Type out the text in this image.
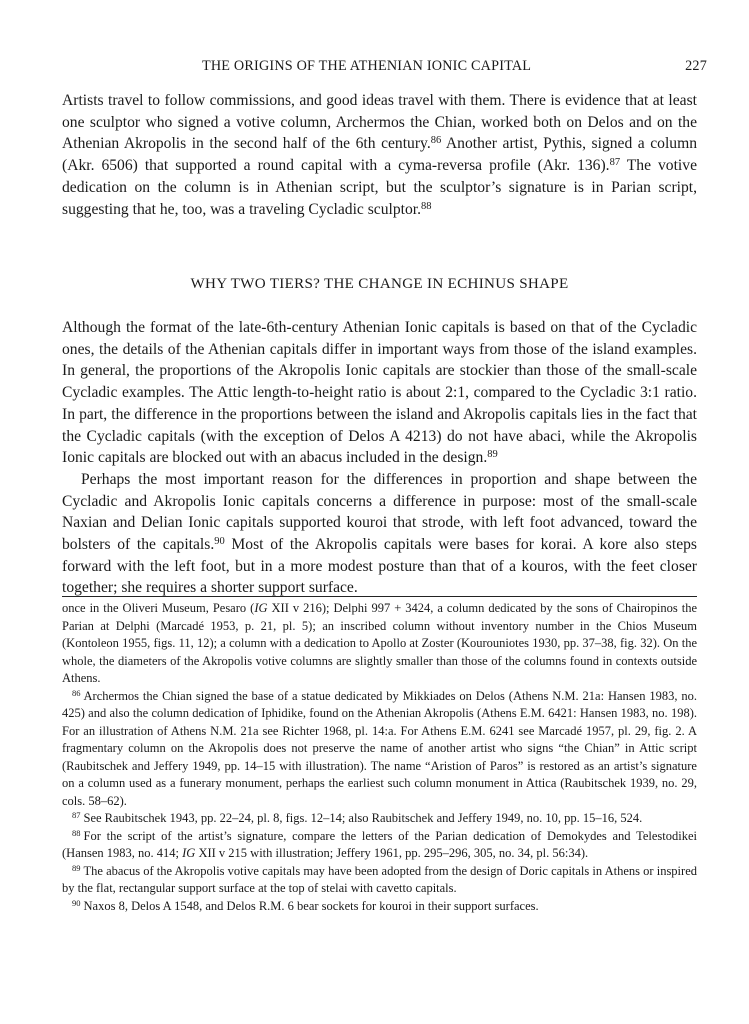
THE ORIGINS OF THE ATHENIAN IONIC CAPITAL	227

Artists travel to follow commissions, and good ideas travel with them. There is evidence that at least one sculptor who signed a votive column, Archermos the Chian, worked both on Delos and on the Athenian Akropolis in the second half of the 6th century.$^{86}$ Another artist, Pythis, signed a column (Akr. 6506) that supported a round capital with a cyma-reversa profile (Akr. 136).$^{87}$ The votive dedication on the column is in Athenian script, but the sculptor’s signature is in Parian script, suggesting that he, too, was a traveling Cycladic sculptor.$^{88}$

WHY TWO TIERS? THE CHANGE IN ECHINUS SHAPE

Although the format of the late-6th-century Athenian Ionic capitals is based on that of the Cycladic ones, the details of the Athenian capitals differ in important ways from those of the island examples. In general, the proportions of the Akropolis Ionic capitals are stockier than those of the small-scale Cycladic examples. The Attic length-to-height ratio is about 2:1, compared to the Cycladic 3:1 ratio. In part, the difference in the proportions between the island and Akropolis capitals lies in the fact that the Cycladic capitals (with the exception of Delos A 4213) do not have abaci, while the Akropolis Ionic capitals are blocked out with an abacus included in the design.$^{89}$

Perhaps the most important reason for the differences in proportion and shape between the Cycladic and Akropolis Ionic capitals concerns a difference in purpose: most of the small-scale Naxian and Delian Ionic capitals supported kouroi that strode, with left foot advanced, toward the bolsters of the capitals.$^{90}$ Most of the Akropolis capitals were bases for korai. A kore also steps forward with the left foot, but in a more modest posture than that of a kouros, with the feet closer together; she requires a shorter support surface.

once in the Oliveri Museum, Pesaro (IG XII v 216); Delphi 997 + 3424, a column dedicated by the sons of Chairopinos the Parian at Delphi (Marcadé 1953, p. 21, pl. 5); an inscribed column without inventory number in the Chios Museum (Kontoleon 1955, figs. 11, 12); a column with a dedication to Apollo at Zoster (Kourouniotes 1930, pp. 37–38, fig. 32). On the whole, the diameters of the Akropolis votive columns are slightly smaller than those of the columns found in contexts outside Athens.

$^{86}$ Archermos the Chian signed the base of a statue dedicated by Mikkiades on Delos (Athens N.M. 21a: Hansen 1983, no. 425) and also the column dedication of Iphidike, found on the Athenian Akropolis (Athens E.M. 6421: Hansen 1983, no. 198). For an illustration of Athens N.M. 21a see Richter 1968, pl. 14:a. For Athens E.M. 6241 see Marcadé 1957, pl. 29, fig. 2. A fragmentary column on the Akropolis does not preserve the name of another artist who signs “the Chian” in Attic script (Raubitschek and Jeffery 1949, pp. 14–15 with illustration). The name “Aristion of Paros” is restored as an artist’s signature on a column used as a funerary monument, perhaps the earliest such column monument in Attica (Raubitschek 1939, no. 29, cols. 58–62).

$^{87}$ See Raubitschek 1943, pp. 22–24, pl. 8, figs. 12–14; also Raubitschek and Jeffery 1949, no. 10, pp. 15–16, 524.

$^{88}$ For the script of the artist’s signature, compare the letters of the Parian dedication of Demokydes and Telestodikei (Hansen 1983, no. 414; IG XII v 215 with illustration; Jeffery 1961, pp. 295–296, 305, no. 34, pl. 56:34).

$^{89}$ The abacus of the Akropolis votive capitals may have been adopted from the design of Doric capitals in Athens or inspired by the flat, rectangular support surface at the top of stelai with cavetto capitals.

$^{90}$ Naxos 8, Delos A 1548, and Delos R.M. 6 bear sockets for kouroi in their support surfaces.
